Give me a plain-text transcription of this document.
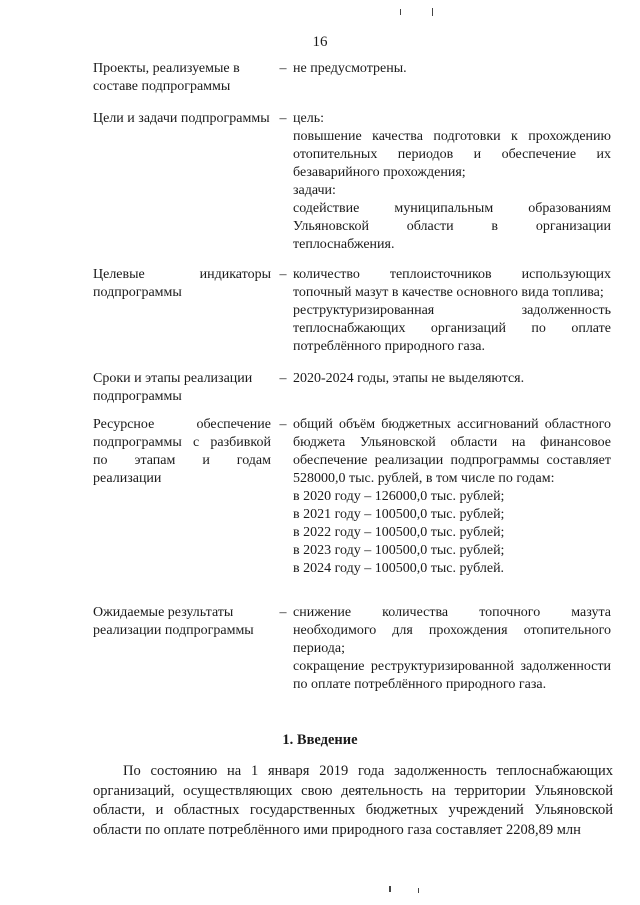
16
Проекты, реализуемые в составе подпрограммы
– не предусмотрены.

Цели и задачи подпрограммы – цель:

повышение качества подготовки к прохождению отопительных периодов и обеспечение их безаварийного прохождения;

задачи:

содействие муниципальным образованиям Ульяновской области в организации теплоснабжения.

Целевые индикаторы подпрограммы
– количество теплоисточников использующих топочный мазут в качестве основного вида топлива;

реструктуризированная задолженность теплоснабжающих организаций по оплате потреблённого природного газа.

Сроки и этапы реализации подпрограммы
– 2020-2024 годы, этапы не выделяются.

Ресурсное обеспечение подпрограммы с разбивкой по этапам и годам реализации
– общий объём бюджетных ассигнований областного бюджета Ульяновской области на финансовое обеспечение реализации подпрограммы составляет 528000,0 тыс. рублей, в том числе по годам:

в 2020 году – 126000,0 тыс. рублей;

в 2021 году – 100500,0 тыс. рублей;

в 2022 году – 100500,0 тыс. рублей;

в 2023 году – 100500,0 тыс. рублей;

в 2024 году – 100500,0 тыс. рублей.

Ожидаемые результаты реализации подпрограммы
– снижение количества топочного мазута необходимого для прохождения отопительного периода;

сокращение реструктуризированной задолженности по оплате потреблённого природного газа.

1. Введение

По состоянию на 1 января 2019 года задолженность теплоснабжающих организаций, осуществляющих свою деятельность на территории Ульяновской области, и областных государственных бюджетных учреждений Ульяновской области по оплате потреблённого ими природного газа составляет 2208,89 млн
